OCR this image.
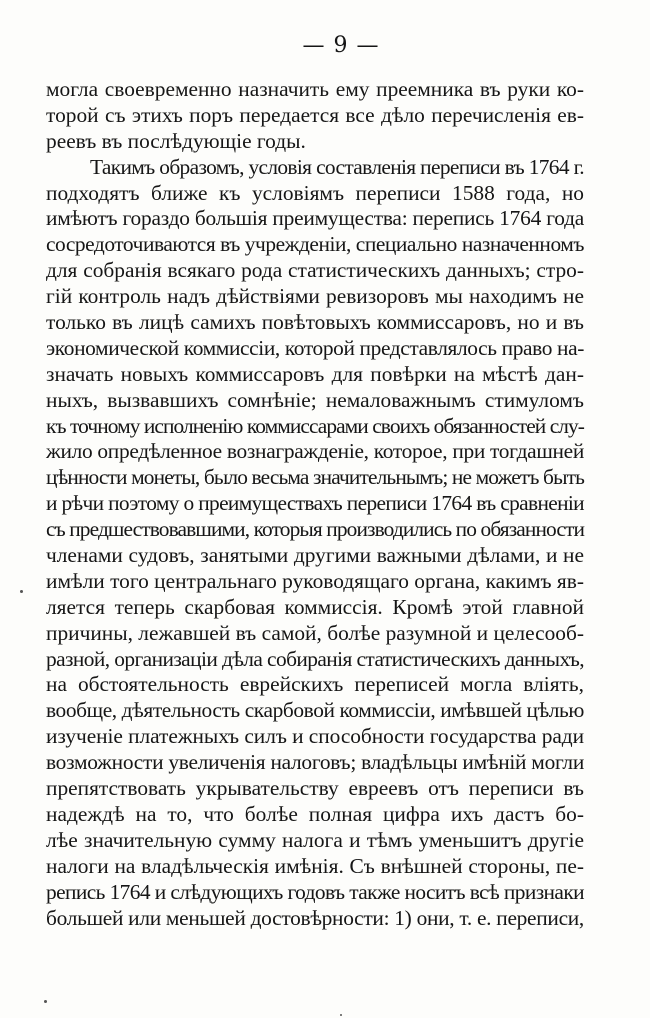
— 9 —
могла своевременно назначить ему преемника въ руки ко-
торой съ этихъ поръ передается все дѣло перечисленія ев-
реевъ въ послѣдующіе годы.
Такимъ образомъ, условія составленія переписи въ 1764 г.
подходятъ ближе къ условіямъ переписи 1588 года, но
имѣютъ гораздо большія преимущества: перепись 1764 года
сосредоточиваются въ учрежденіи, специально назначенномъ
для собранія всякаго рода статистическихъ данныхъ; стро-
гій контроль надъ дѣйствіями ревизоровъ мы находимъ не
только въ лицѣ самихъ повѣтовыхъ коммиссаровъ, но и въ
экономической коммиссіи, которой представлялось право на-
значать новыхъ коммиссаровъ для повѣрки на мѣстѣ дан-
ныхъ, вызвавшихъ сомнѣніе; немаловажнымъ стимуломъ
къ точному исполненію коммиссарами своихъ обязанностей слу-
жило опредѣленное вознагражденіе, которое, при тогдашней
цѣнности монеты, было весьма значительнымъ; не можетъ быть
и рѣчи поэтому о преимуществахъ переписи 1764 въ сравненіи
съ предшествовавшими, которыя производились по обязанности
членами судовъ, занятыми другими важными дѣлами, и не
имѣли того центральнаго руководящаго органа, какимъ яв-
ляется теперь скарбовая коммиссія. Кромѣ этой главной
причины, лежавшей въ самой, болѣе разумной и целесооб-
разной, организаціи дѣла собиранія статистическихъ данныхъ,
на обстоятельность еврейскихъ переписей могла вліять,
вообще, дѣятельность скарбовой коммиссіи, имѣвшей цѣлью
изученіе платежныхъ силъ и способности государства ради
возможности увеличенія налоговъ; владѣльцы имѣній могли
препятствовать укрывательству евреевъ отъ переписи въ
надеждѣ на то, что болѣе полная цифра ихъ дастъ бо-
лѣе значительную сумму налога и тѣмъ уменьшитъ другіе
налоги на владѣльческія имѣнія. Съ внѣшней стороны, пе-
репись 1764 и слѣдующихъ годовъ также носитъ всѣ признаки
большей или меньшей достовѣрности: 1) они, т. е. переписи,
